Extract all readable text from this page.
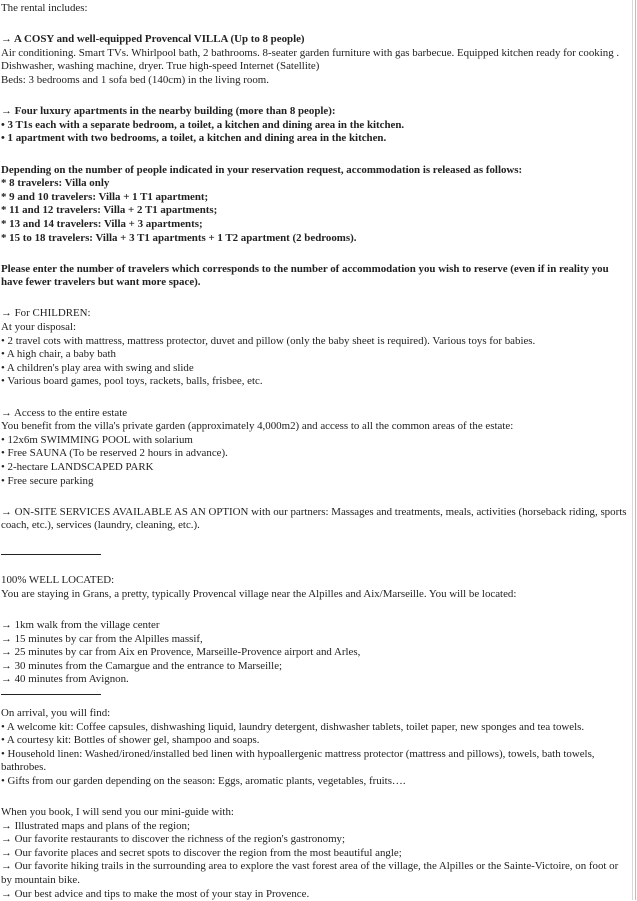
The rental includes:
→ A COSY and well-equipped Provencal VILLA (Up to 8 people)
Air conditioning. Smart TVs. Whirlpool bath, 2 bathrooms. 8-seater garden furniture with gas barbecue. Equipped kitchen ready for cooking . Dishwasher, washing machine, dryer. True high-speed Internet (Satellite)
Beds: 3 bedrooms and 1 sofa bed (140cm) in the living room.
→ Four luxury apartments in the nearby building (more than 8 people):
• 3 T1s each with a separate bedroom, a toilet, a kitchen and dining area in the kitchen.
• 1 apartment with two bedrooms, a toilet, a kitchen and dining area in the kitchen.
Depending on the number of people indicated in your reservation request, accommodation is released as follows:
* 8 travelers: Villa only
* 9 and 10 travelers: Villa + 1 T1 apartment;
* 11 and 12 travelers: Villa + 2 T1 apartments;
* 13 and 14 travelers: Villa + 3 apartments;
* 15 to 18 travelers: Villa + 3 T1 apartments + 1 T2 apartment (2 bedrooms).
Please enter the number of travelers which corresponds to the number of accommodation you wish to reserve (even if in reality you have fewer travelers but want more space).
→ For CHILDREN:
At your disposal:
• 2 travel cots with mattress, mattress protector, duvet and pillow (only the baby sheet is required). Various toys for babies.
• A high chair, a baby bath
• A children's play area with swing and slide
• Various board games, pool toys, rackets, balls, frisbee, etc.
→ Access to the entire estate
You benefit from the villa's private garden (approximately 4,000m2) and access to all the common areas of the estate:
• 12x6m SWIMMING POOL with solarium
• Free SAUNA (To be reserved 2 hours in advance).
• 2-hectare LANDSCAPED PARK
• Free secure parking
→ ON-SITE SERVICES AVAILABLE AS AN OPTION with our partners: Massages and treatments, meals, activities (horseback riding, sports coach, etc.), services (laundry, cleaning, etc.).
100% WELL LOCATED:
You are staying in Grans, a pretty, typically Provencal village near the Alpilles and Aix/Marseille. You will be located:
→ 1km walk from the village center
→ 15 minutes by car from the Alpilles massif,
→ 25 minutes by car from Aix en Provence, Marseille-Provence airport and Arles,
→ 30 minutes from the Camargue and the entrance to Marseille;
→ 40 minutes from Avignon.
On arrival, you will find:
• A welcome kit: Coffee capsules, dishwashing liquid, laundry detergent, dishwasher tablets, toilet paper, new sponges and tea towels.
• A courtesy kit: Bottles of shower gel, shampoo and soaps.
• Household linen: Washed/ironed/installed bed linen with hypoallergenic mattress protector (mattress and pillows), towels, bath towels, bathrobes.
• Gifts from our garden depending on the season: Eggs, aromatic plants, vegetables, fruits….
When you book, I will send you our mini-guide with:
→ Illustrated maps and plans of the region;
→ Our favorite restaurants to discover the richness of the region's gastronomy;
→ Our favorite places and secret spots to discover the region from the most beautiful angle;
→ Our favorite hiking trails in the surrounding area to explore the vast forest area of the village, the Alpilles or the Sainte-Victoire, on foot or by mountain bike.
→ Our best advice and tips to make the most of your stay in Provence.
